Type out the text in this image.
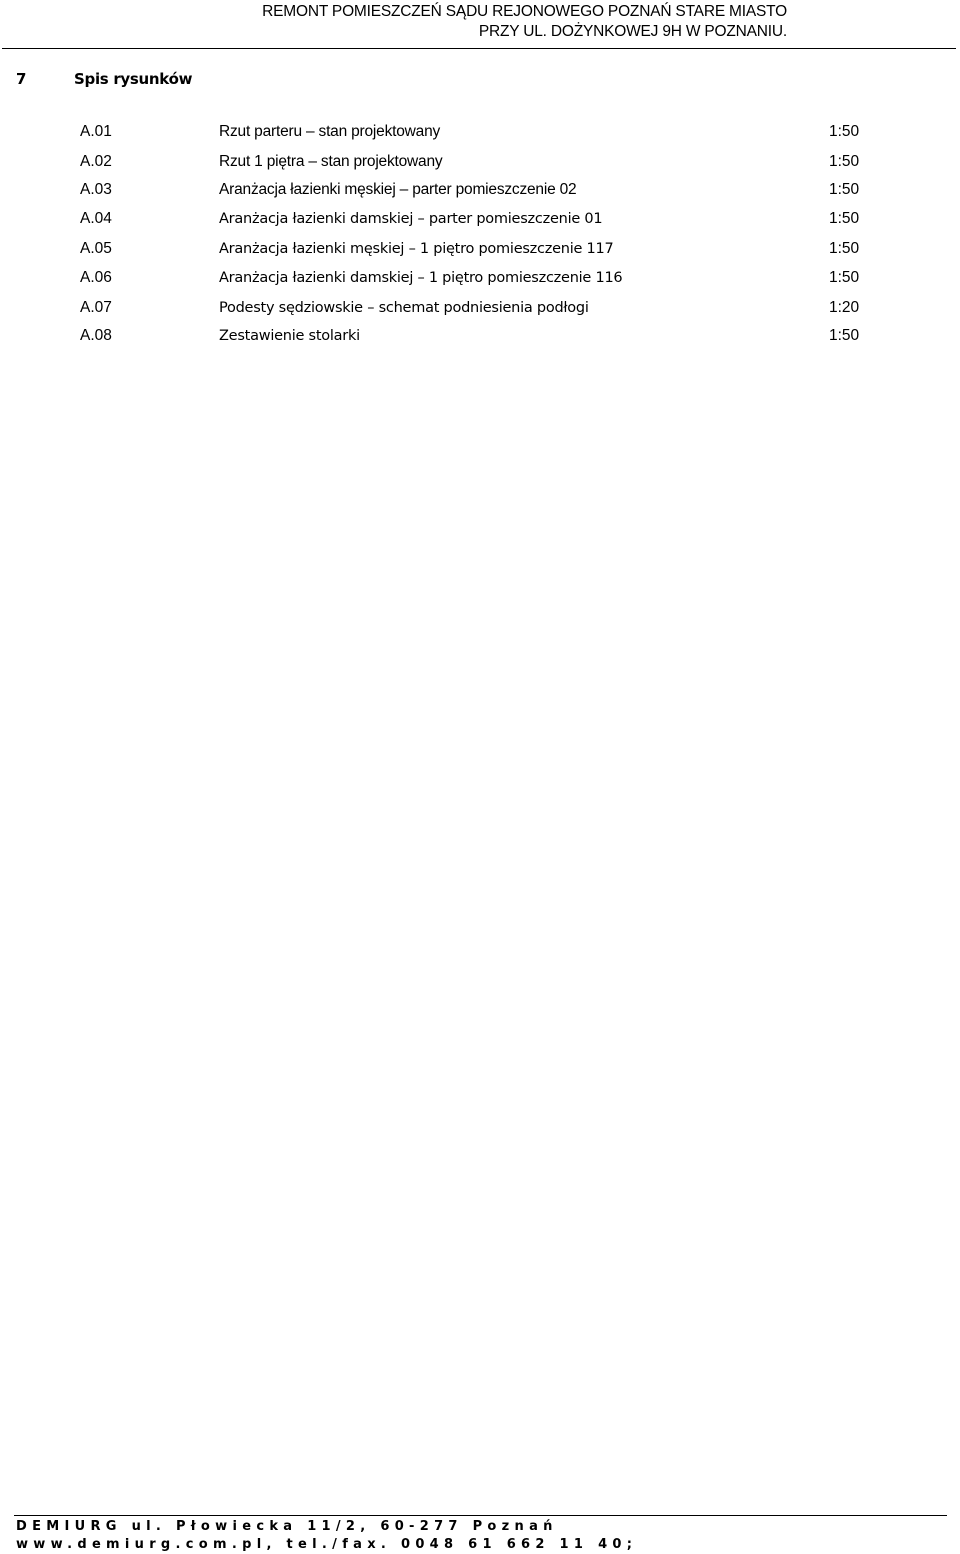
REMONT POMIESZCZEŃ SĄDU REJONOWEGO POZNAŃ STARE MIASTO
PRZY UL. DOŻYNKOWEJ 9H W POZNANIU.
7	Spis rysunków
A.01	Rzut parteru – stan projektowany	1:50
A.02	Rzut 1 piętra – stan projektowany	1:50
A.03	Aranżacja łazienki męskiej – parter pomieszczenie 02	1:50
A.04	Aranżacja łazienki damskiej – parter pomieszczenie 01	1:50
A.05	Aranżacja łazienki męskiej – 1 piętro pomieszczenie 117	1:50
A.06	Aranżacja łazienki damskiej – 1 piętro pomieszczenie 116	1:50
A.07	Podesty sędziowskie – schemat podniesienia podłogi	1:20
A.08	Zestawienie stolarki	1:50
DEMIURG ul. Płowiecka 11/2, 60-277 Poznań
www.demiurg.com.pl, tel./fax. 0048 61 662 11 40;
